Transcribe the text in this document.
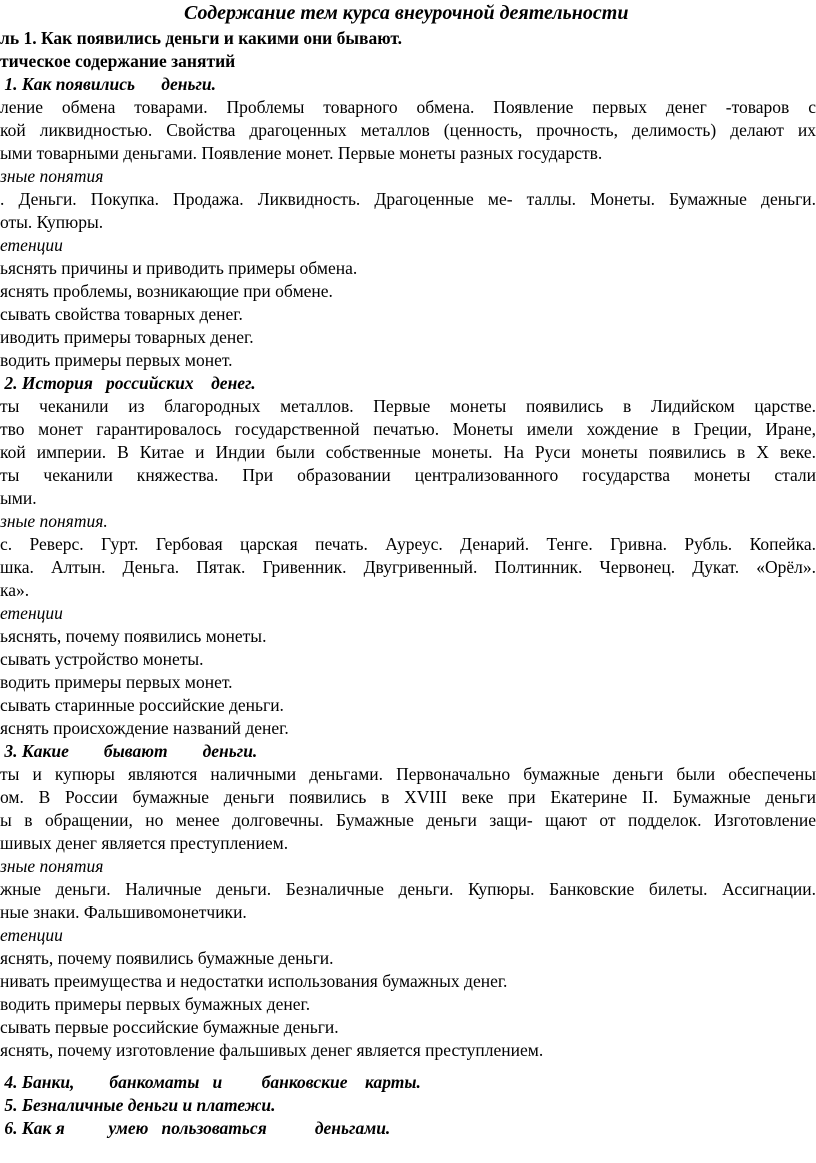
Содержание тем курса внеурочной деятельности

ль 1. Как появились деньги и какими они бывают.

тическое содержание занятий

1. Как появились      деньги.

ление обмена товарами. Проблемы товарного обмена. Появление первых денег -товаров с

кой ликвидностью. Свойства драгоценных металлов (ценность, прочность, делимость) делают их

ыми товарными деньгами. Появление монет. Первые монеты разных государств.

зные понятия

. Деньги. Покупка. Продажа. Ликвидность. Драгоценные ме- таллы. Монеты. Бумажные деньги.

оты. Купюры.

етенции

ьяснять причины и приводить примеры обмена.

яснять проблемы, возникающие при обмене.

сывать свойства товарных денег.

иводить примеры товарных денег.

водить примеры первых монет.

2. История   российских    денег.

ты чеканили из благородных металлов. Первые монеты появились в Лидийском царстве.

тво монет гарантировалось государственной печатью. Монеты имели хождение в Греции, Иране,

кой империи. В Китае и Индии были собственные монеты. На Руси монеты появились в X веке.

ты чеканили княжества. При образовании централизованного государства монеты стали

ыми.

зные понятия.

с. Реверс. Гурт. Гербовая царская печать. Ауреус. Денарий. Тенге. Гривна. Рубль. Копейка.

шка. Алтын. Деньга. Пятак. Гривенник. Двугривенный. Полтинник. Червонец. Дукат. «Орёл».

ка».

етенции

ьяснять, почему появились монеты.

сывать устройство монеты.

водить примеры первых монет.

сывать старинные российские деньги.

яснять происхождение названий денег.

3. Какие        бывают        деньги.

ты и купюры являются наличными деньгами. Первоначально бумажные деньги были обеспечены

ом. В России бумажные деньги появились в XVIII веке при Екатерине II. Бумажные деньги

ы в обращении, но менее долговечны. Бумажные деньги защи- щают от подделок. Изготовление

шивых денег является преступлением.

зные понятия

жные деньги. Наличные деньги. Безналичные деньги. Купюры. Банковские билеты. Ассигнации.

ные знаки. Фальшивомонетчики.

етенции

яснять, почему появились бумажные деньги.

нивать преимущества и недостатки использования бумажных денег.

водить примеры первых бумажных денег.

сывать первые российские бумажные деньги.

яснять, почему изготовление фальшивых денег является преступлением.

4. Банки,        банкоматы   и         банковские    карты.

5. Безналичные деньги и платежи.

6. Как я          умею   пользоваться           деньгами.
